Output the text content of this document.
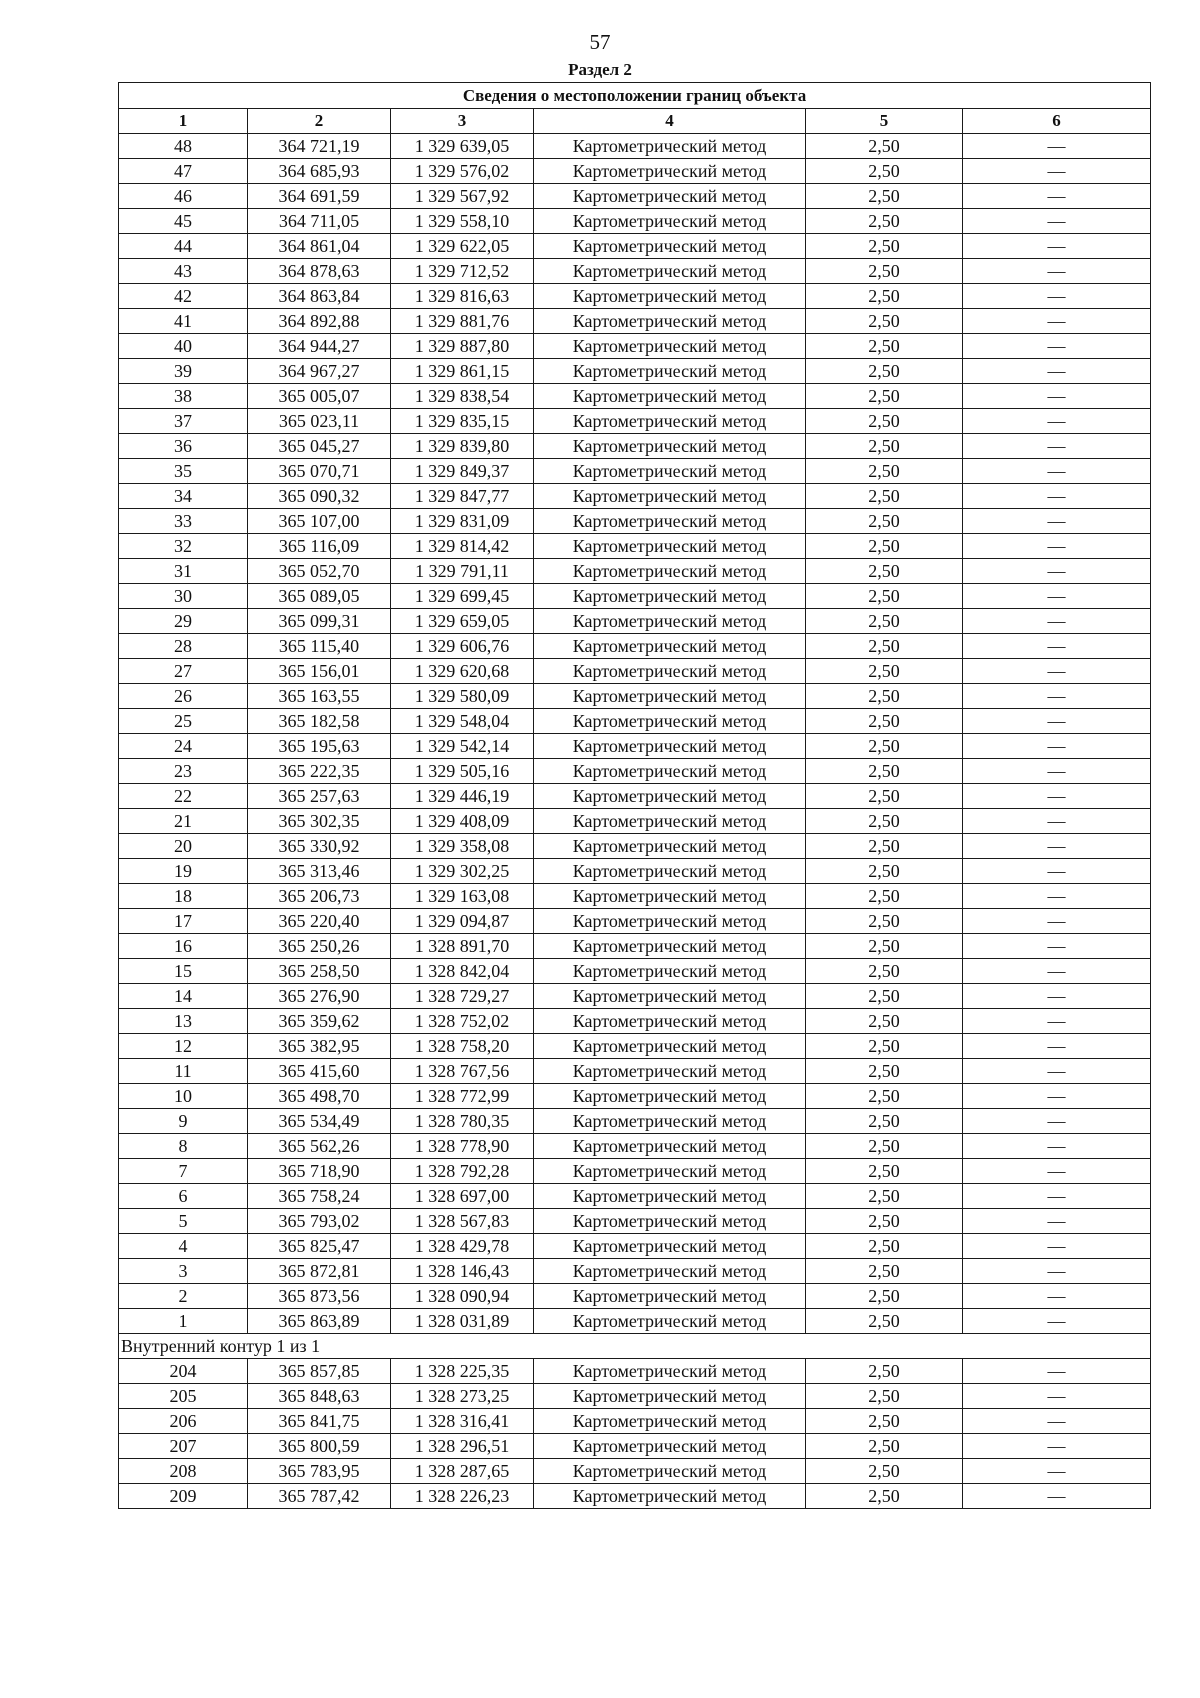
57
Раздел 2
Сведения о местоположении границ объекта					
1	2	3	4	5	6
48	364 721,19	1 329 639,05	Картометрический метод	2,50	—
47	364 685,93	1 329 576,02	Картометрический метод	2,50	—
46	364 691,59	1 329 567,92	Картометрический метод	2,50	—
45	364 711,05	1 329 558,10	Картометрический метод	2,50	—
44	364 861,04	1 329 622,05	Картометрический метод	2,50	—
43	364 878,63	1 329 712,52	Картометрический метод	2,50	—
42	364 863,84	1 329 816,63	Картометрический метод	2,50	—
41	364 892,88	1 329 881,76	Картометрический метод	2,50	—
40	364 944,27	1 329 887,80	Картометрический метод	2,50	—
39	364 967,27	1 329 861,15	Картометрический метод	2,50	—
38	365 005,07	1 329 838,54	Картометрический метод	2,50	—
37	365 023,11	1 329 835,15	Картометрический метод	2,50	—
36	365 045,27	1 329 839,80	Картометрический метод	2,50	—
35	365 070,71	1 329 849,37	Картометрический метод	2,50	—
34	365 090,32	1 329 847,77	Картометрический метод	2,50	—
33	365 107,00	1 329 831,09	Картометрический метод	2,50	—
32	365 116,09	1 329 814,42	Картометрический метод	2,50	—
31	365 052,70	1 329 791,11	Картометрический метод	2,50	—
30	365 089,05	1 329 699,45	Картометрический метод	2,50	—
29	365 099,31	1 329 659,05	Картометрический метод	2,50	—
28	365 115,40	1 329 606,76	Картометрический метод	2,50	—
27	365 156,01	1 329 620,68	Картометрический метод	2,50	—
26	365 163,55	1 329 580,09	Картометрический метод	2,50	—
25	365 182,58	1 329 548,04	Картометрический метод	2,50	—
24	365 195,63	1 329 542,14	Картометрический метод	2,50	—
23	365 222,35	1 329 505,16	Картометрический метод	2,50	—
22	365 257,63	1 329 446,19	Картометрический метод	2,50	—
21	365 302,35	1 329 408,09	Картометрический метод	2,50	—
20	365 330,92	1 329 358,08	Картометрический метод	2,50	—
19	365 313,46	1 329 302,25	Картометрический метод	2,50	—
18	365 206,73	1 329 163,08	Картометрический метод	2,50	—
17	365 220,40	1 329 094,87	Картометрический метод	2,50	—
16	365 250,26	1 328 891,70	Картометрический метод	2,50	—
15	365 258,50	1 328 842,04	Картометрический метод	2,50	—
14	365 276,90	1 328 729,27	Картометрический метод	2,50	—
13	365 359,62	1 328 752,02	Картометрический метод	2,50	—
12	365 382,95	1 328 758,20	Картометрический метод	2,50	—
11	365 415,60	1 328 767,56	Картометрический метод	2,50	—
10	365 498,70	1 328 772,99	Картометрический метод	2,50	—
9	365 534,49	1 328 780,35	Картометрический метод	2,50	—
8	365 562,26	1 328 778,90	Картометрический метод	2,50	—
7	365 718,90	1 328 792,28	Картометрический метод	2,50	—
6	365 758,24	1 328 697,00	Картометрический метод	2,50	—
5	365 793,02	1 328 567,83	Картометрический метод	2,50	—
4	365 825,47	1 328 429,78	Картометрический метод	2,50	—
3	365 872,81	1 328 146,43	Картометрический метод	2,50	—
2	365 873,56	1 328 090,94	Картометрический метод	2,50	—
1	365 863,89	1 328 031,89	Картометрический метод	2,50	—
Внутренний контур 1 из 1					
204	365 857,85	1 328 225,35	Картометрический метод	2,50	—
205	365 848,63	1 328 273,25	Картометрический метод	2,50	—
206	365 841,75	1 328 316,41	Картометрический метод	2,50	—
207	365 800,59	1 328 296,51	Картометрический метод	2,50	—
208	365 783,95	1 328 287,65	Картометрический метод	2,50	—
209	365 787,42	1 328 226,23	Картометрический метод	2,50	—
